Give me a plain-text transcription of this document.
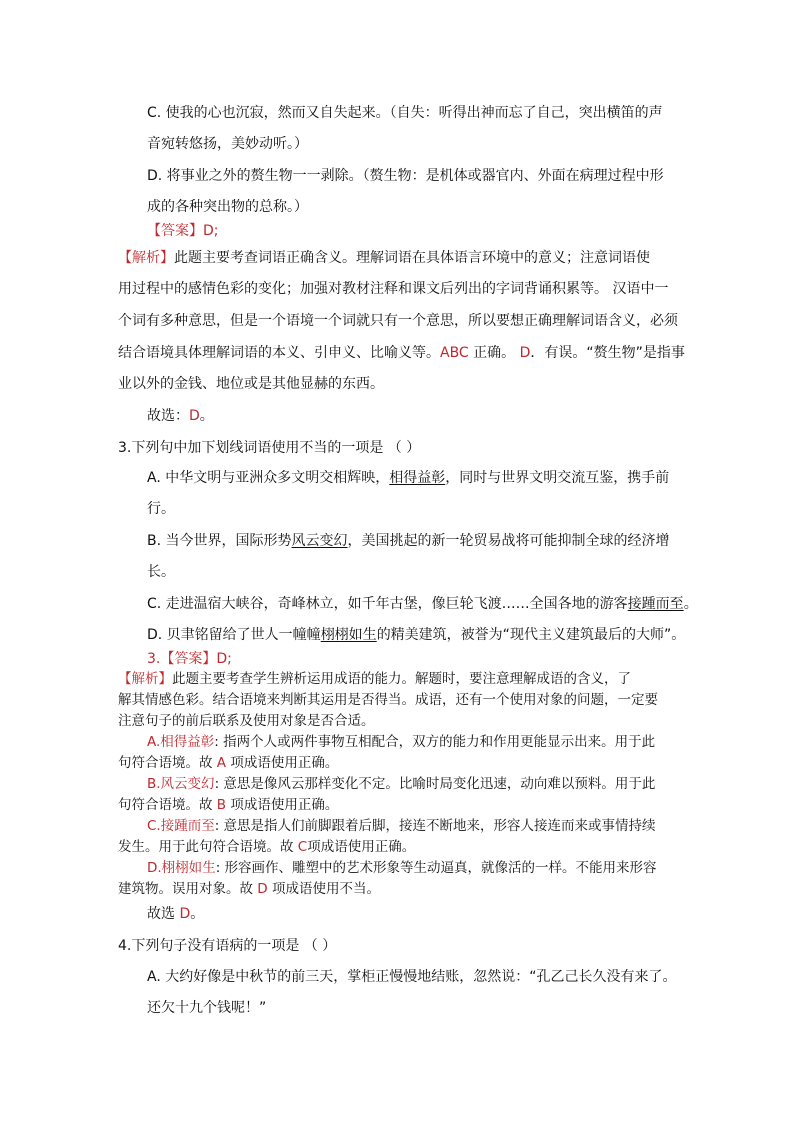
C. 使我的心也沉寂，然而又自失起来。（自失：听得出神而忘了自己，突出横笛的声
音宛转悠扬，美妙动听。）
D. 将事业之外的赘生物一一剥除。（赘生物：是机体或器官内、外面在病理过程中形
成的各种突出物的总称。）
【答案】D;
【解析】此题主要考查词语正确含义。理解词语在具体语言环境中的意义；注意词语使
用过程中的感情色彩的变化；加强对教材注释和课文后列出的字词背诵积累等。 汉语中一
个词有多种意思，但是一个语境一个词就只有一个意思，所以要想正确理解词语含义，必须
结合语境具体理解词语的本义、引申义、比喻义等。ABC 正确。 D．有误。“赘生物”是指事
业以外的金钱、地位或是其他显赫的东西。
故选：D。
3.下列句中加下划线词语使用不当的一项是 （ ）
A. 中华文明与亚洲众多文明交相辉映，相得益彰，同时与世界文明交流互鉴，携手前
行。
B. 当今世界，国际形势风云变幻，美国挑起的新一轮贸易战将可能抑制全球的经济增
长。
C. 走进温宿大峡谷，奇峰林立，如千年古堡，像巨轮飞渡……全国各地的游客接踵而至。
D. 贝聿铭留给了世人一幢幢栩栩如生的精美建筑，被誉为“现代主义建筑最后的大师”。
3.【答案】D;
【解析】此题主要考查学生辨析运用成语的能力。解题时，要注意理解成语的含义，了
解其情感色彩。结合语境来判断其运用是否得当。成语，还有一个使用对象的问题，一定要
注意句子的前后联系及使用对象是否合适。
A.相得益彰: 指两个人或两件事物互相配合，双方的能力和作用更能显示出来。用于此
句符合语境。故 A 项成语使用正确。
B.风云变幻: 意思是像风云那样变化不定。比喻时局变化迅速，动向难以预料。用于此
句符合语境。故 B 项成语使用正确。
C.接踵而至: 意思是指人们前脚跟着后脚，接连不断地来，形容人接连而来或事情持续
发生。用于此句符合语境。故 C项成语使用正确。
D.栩栩如生: 形容画作、雕塑中的艺术形象等生动逼真，就像活的一样。不能用来形容
建筑物。误用对象。故 D 项成语使用不当。
故选 D。
4.下列句子没有语病的一项是 （ ）
A. 大约好像是中秋节的前三天，掌柜正慢慢地结账，忽然说：“孔乙己长久没有来了。
还欠十九个钱呢！”
